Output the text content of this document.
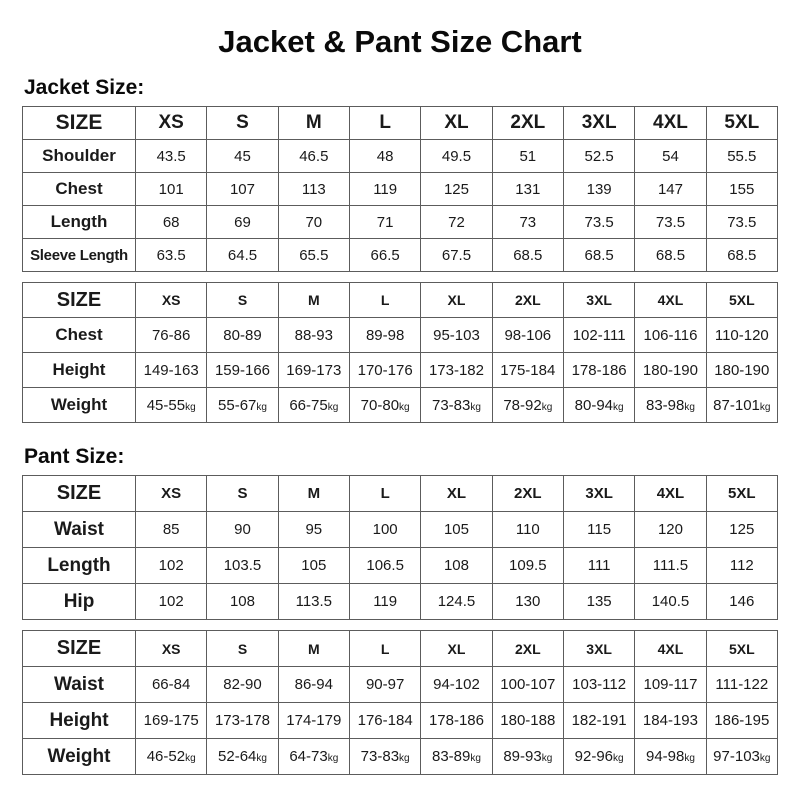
Jacket & Pant Size Chart
Jacket Size:
SIZE	XS	S	M	L	XL	2XL	3XL	4XL	5XL
Shoulder	43.5	45	46.5	48	49.5	51	52.5	54	55.5
Chest	101	107	113	119	125	131	139	147	155
Length	68	69	70	71	72	73	73.5	73.5	73.5
Sleeve Length	63.5	64.5	65.5	66.5	67.5	68.5	68.5	68.5	68.5
SIZE	XS	S	M	L	XL	2XL	3XL	4XL	5XL
Chest	76-86	80-89	88-93	89-98	95-103	98-106	102-111	106-116	110-120
Height	149-163	159-166	169-173	170-176	173-182	175-184	178-186	180-190	180-190
Weight	45-55kg	55-67kg	66-75kg	70-80kg	73-83kg	78-92kg	80-94kg	83-98kg	87-101kg
Pant Size:
SIZE	XS	S	M	L	XL	2XL	3XL	4XL	5XL
Waist	85	90	95	100	105	110	115	120	125
Length	102	103.5	105	106.5	108	109.5	111	111.5	112
Hip	102	108	113.5	119	124.5	130	135	140.5	146
SIZE	XS	S	M	L	XL	2XL	3XL	4XL	5XL
Waist	66-84	82-90	86-94	90-97	94-102	100-107	103-112	109-117	111-122
Height	169-175	173-178	174-179	176-184	178-186	180-188	182-191	184-193	186-195
Weight	46-52kg	52-64kg	64-73kg	73-83kg	83-89kg	89-93kg	92-96kg	94-98kg	97-103kg
